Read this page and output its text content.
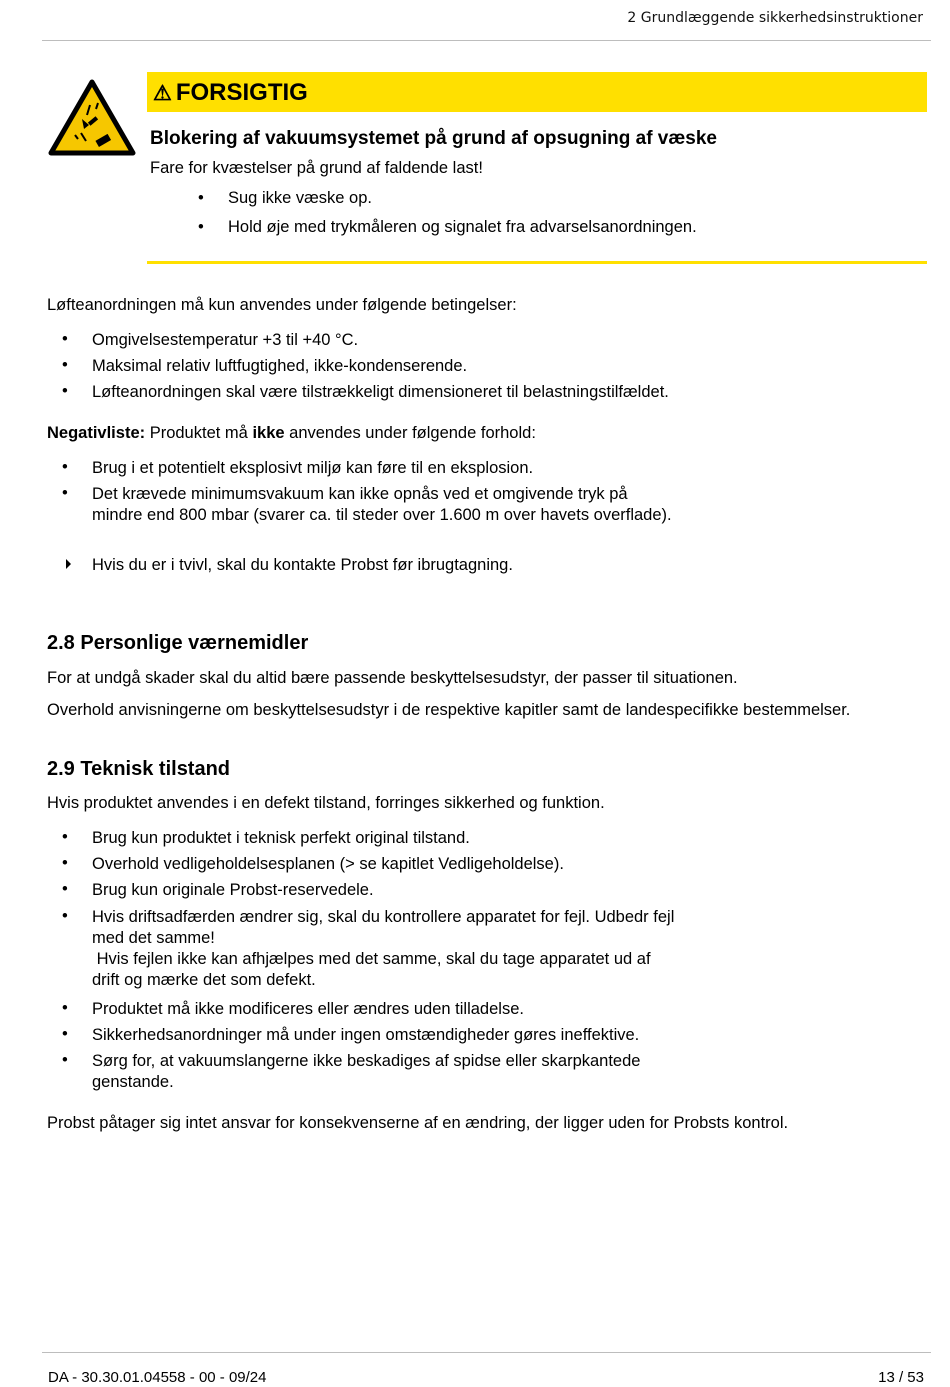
2 Grundlæggende sikkerhedsinstruktioner
⚠ FORSIGTIG
Blokering af vakuumsystemet på grund af opsugning af væske
Fare for kvæstelser på grund af faldende last!
• Sug ikke væske op.
• Hold øje med trykmåleren og signalet fra advarselsanordningen.
Løfteanordningen må kun anvendes under følgende betingelser:
• Omgivelsestemperatur +3 til +40 °C.
• Maksimal relativ luftfugtighed, ikke-kondenserende.
• Løfteanordningen skal være tilstrækkeligt dimensioneret til belastningstilfældet.
Negativliste: Produktet må ikke anvendes under følgende forhold:
• Brug i et potentielt eksplosivt miljø kan føre til en eksplosion.
• Det krævede minimumsvakuum kan ikke opnås ved et omgivende tryk på
mindre end 800 mbar (svarer ca. til steder over 1.600 m over havets overflade).
Hvis du er i tvivl, skal du kontakte Probst før ibrugtagning.
2.8 Personlige værnemidler
For at undgå skader skal du altid bære passende beskyttelsesudstyr, der passer til situationen.
Overhold anvisningerne om beskyttelsesudstyr i de respektive kapitler samt de landespecifikke bestemmelser.
2.9 Teknisk tilstand
Hvis produktet anvendes i en defekt tilstand, forringes sikkerhed og funktion.
• Brug kun produktet i teknisk perfekt original tilstand.
• Overhold vedligeholdelsesplanen (> se kapitlet Vedligeholdelse).
• Brug kun originale Probst-reservedele.
• Hvis driftsadfærden ændrer sig, skal du kontrollere apparatet for fejl. Udbedr fejl
med det samme!
Hvis fejlen ikke kan afhjælpes med det samme, skal du tage apparatet ud af
drift og mærke det som defekt.
• Produktet må ikke modificeres eller ændres uden tilladelse.
• Sikkerhedsanordninger må under ingen omstændigheder gøres ineffektive.
• Sørg for, at vakuumslangerne ikke beskadiges af spidse eller skarpkantede
genstande.
Probst påtager sig intet ansvar for konsekvenserne af en ændring, der ligger uden for Probsts kontrol.
DA - 30.30.01.04558 - 00 - 09/24	13 / 53
